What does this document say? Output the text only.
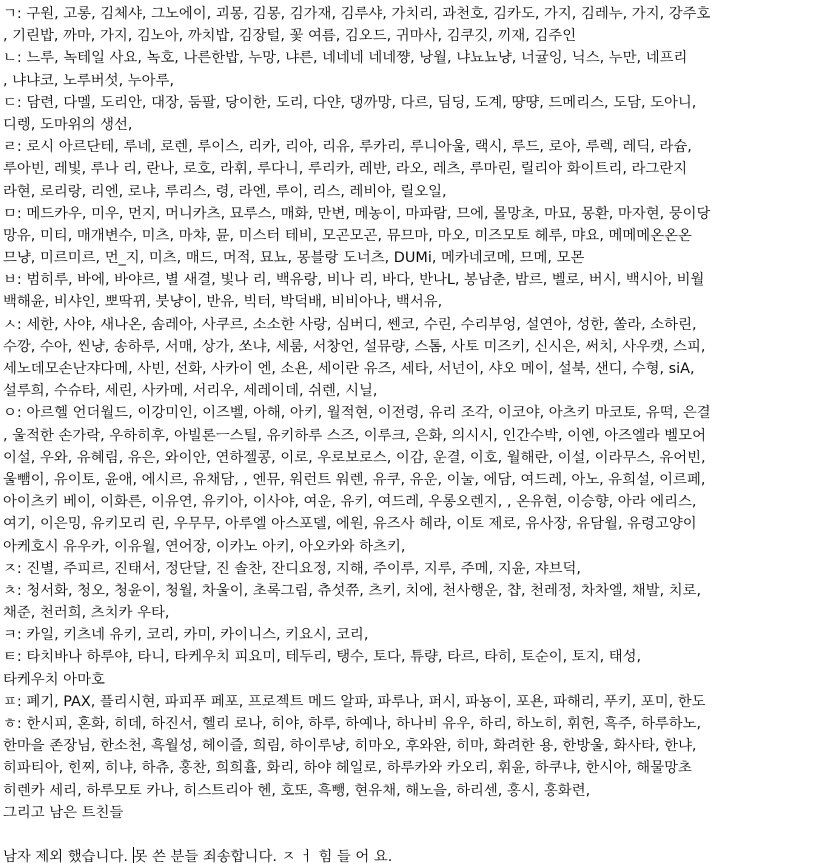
ㄱ: 구원, 고롱, 김체샤, 그노에이, 괴몽, 김몽, 김가재, 김루샤, 가치리, 과천호, 김카도, 가지, 김레누, 가지, 강주호
, 기린밥, 까마, 가지, 김노아, 까치밥, 김장털, 꽃 여름, 김오드, 귀마사, 김쿠깃, 끼재, 김주인
ㄴ: 느루, 녹테일 사요, 녹호, 나른한밥, 누망, 냐른, 네네네 네네쨩, 낭월, 냐뇨뇨냥, 너귤잉, 닉스, 누만, 네프리
, 냐냐코, 노루버섯, 누아루,
ㄷ: 담련, 다멜, 도리안, 대장, 둠팔, 당이한, 도리, 다얀, 댕까망, 다르, 딤딩, 도계, 땽땽, 드메리스, 도담, 도아니,
디렝, 도마위의 생선,
ㄹ: 로시 아르단테, 루네, 로렌, 루이스, 리카, 리아, 리유, 루카리, 루니아울, 랙시, 루드, 로아, 루렉, 레딕, 라슘,
루아빈, 레빛, 루나 리, 란나, 로호, 라휘, 루다니, 루리카, 레반, 라오, 레츠, 루마린, 릴리아 화이트리, 라그란지
라현, 로리랑, 리엔, 로냐, 루리스, 령, 라엔, 루이, 리스, 레비아, 릴오일,
ㅁ: 메드카우, 미우, 먼지, 머니카츠, 묘루스, 매화, 만변, 메농이, 마파람, 므에, 몰망초, 마묘, 몽환, 마자현, 뭉이당
망유, 미티, 매개변수, 미츠, 마챠, 뮨, 미스터 테비, 모곤모곤, 뮤므마, 마오, 미즈모토 헤루, 먀요, 메메메온온온
므냥, 미르미르, 먼_지, 미츠, 매드, 머적, 묘뇨, 몽블랑 도너츠, DUMi, 메카네코메, 므메, 모몬
ㅂ: 범히루, 바에, 바야르, 별 새결, 빛나 리, 백유랑, 비나 리, 바다, 반나L, 봉남춘, 밤르, 벨로, 버시, 백시아, 비월
백해윤, 비샤인, 뽀딱뀌, 붓냥이, 반유, 빅터, 박덕배, 비비아나, 백서유,
ㅅ: 세한, 사야, 새나온, 솜레아, 사쿠르, 소소한 사랑, 심버디, 쎈코, 수린, 수리부엉, 설연아, 성한, 쏠라, 소하린,
수깡, 수아, 씬냥, 송하루, 서매, 상가, 쏘냐, 세룸, 서창언, 설뮤량, 스톰, 사토 미즈키, 신시은, 써치, 사우캣, 스피,
세노데모손난쟈다메, 사빈, 선화, 사카이 엔, 소욘, 세이란 유즈, 세타, 서넌이, 샤오 메이, 설북, 샌디, 수형, siA,
설루희, 수슈타, 세린, 사카메, 서리우, 세레이데, 쉬렌, 시닐,
ㅇ: 아르헬 언더월드, 이강미인, 이즈벨, 아해, 아키, 월적현, 이전령, 유리 조각, 이코야, 아츠키 마코토, 유떡, 은결
, 울적한 손가락, 우하히후, 아빌론ㅡ스틸, 유키하루 스즈, 이루크, 은화, 의시시, 인간수박, 이엔, 아즈엘라 벨모어
이설, 우와, 유혜림, 유은, 와이안, 연하젤콩, 이로, 우로보로스, 이감, 운결, 이호, 월해란, 이설, 이라무스, 유어빈,
울뺌이, 유이토, 윤애, 에시르, 유채담, , 엔뮤, 워런트 워렌, 유쿠, 유운, 이눌, 에담, 여드레, 아노, 유희설, 이르페,
아이츠키 베이, 이화른, 이유연, 유키아, 이사야, 여운, 유키, 여드레, 우롱오렌지, , 온유현, 이승향, 아라 에리스,
여기, 이은밍, 유키모리 린, 우무무, 아루엘 아스포델, 에원, 유즈사 헤라, 이토 제로, 유사장, 유담월, 유령고양이
아케호시 유우카, 이유월, 연어장, 이카노 아키, 아오카와 하츠키,
ㅈ: 진별, 주피르, 진태서, 정단달, 진 솔찬, 잔디요정, 지해, 주이루, 지루, 주메, 지윤, 쟈브덕,
ㅊ: 청서화, 청오, 청윤이, 청월, 차울이, 초록그림, 츄섯쮸, 츠키, 치에, 천사행운, 챱, 천레정, 차차엘, 채발, 치로,
채준, 천러희, 츠치카 우타,
ㅋ: 카일, 키츠네 유키, 코리, 카미, 카이니스, 키요시, 코리,
ㅌ: 타치바나 하루야, 타니, 타케우치 피요미, 테두리, 탱수, 토다, 튜량, 타르, 타히, 토순이, 토지, 태성,
타케우치 아마호
ㅍ: 폐기, PAX, 플리시현, 파피푸 페포, 프로젝트 메드 알파, 파루나, 퍼시, 파뇽이, 포욘, 파해리, 푸키, 포미, 한도
ㅎ: 한시피, 혼화, 히데, 하진서, 헬리 로나, 히야, 하루, 하예나, 하나비 유우, 하리, 하노히, 휘헌, 흑주, 하루하노,
한마을 존장님, 한소천, 흑월성, 헤이즐, 희림, 하이루냥, 히마오, 후와완, 히마, 화려한 용, 한방울, 화사타, 한냐,
히파티아, 힌찌, 히냐, 하츄, 홍찬, 희희휼, 화리, 하야 헤일로, 하루카와 카오리, 휘윤, 하쿠냐, 한시아, 해물망초
히렌카 세리, 하루모토 카나, 히스트리아 헨, 호또, 흑뺑, 현유채, 해노을, 하리센, 홍시, 홍화련,
그리고 남은 트친들
남자 제외 했습니다. 못 쓴 분들 죄송합니다. ㅈ ㅓ 힘 들 어 요.
